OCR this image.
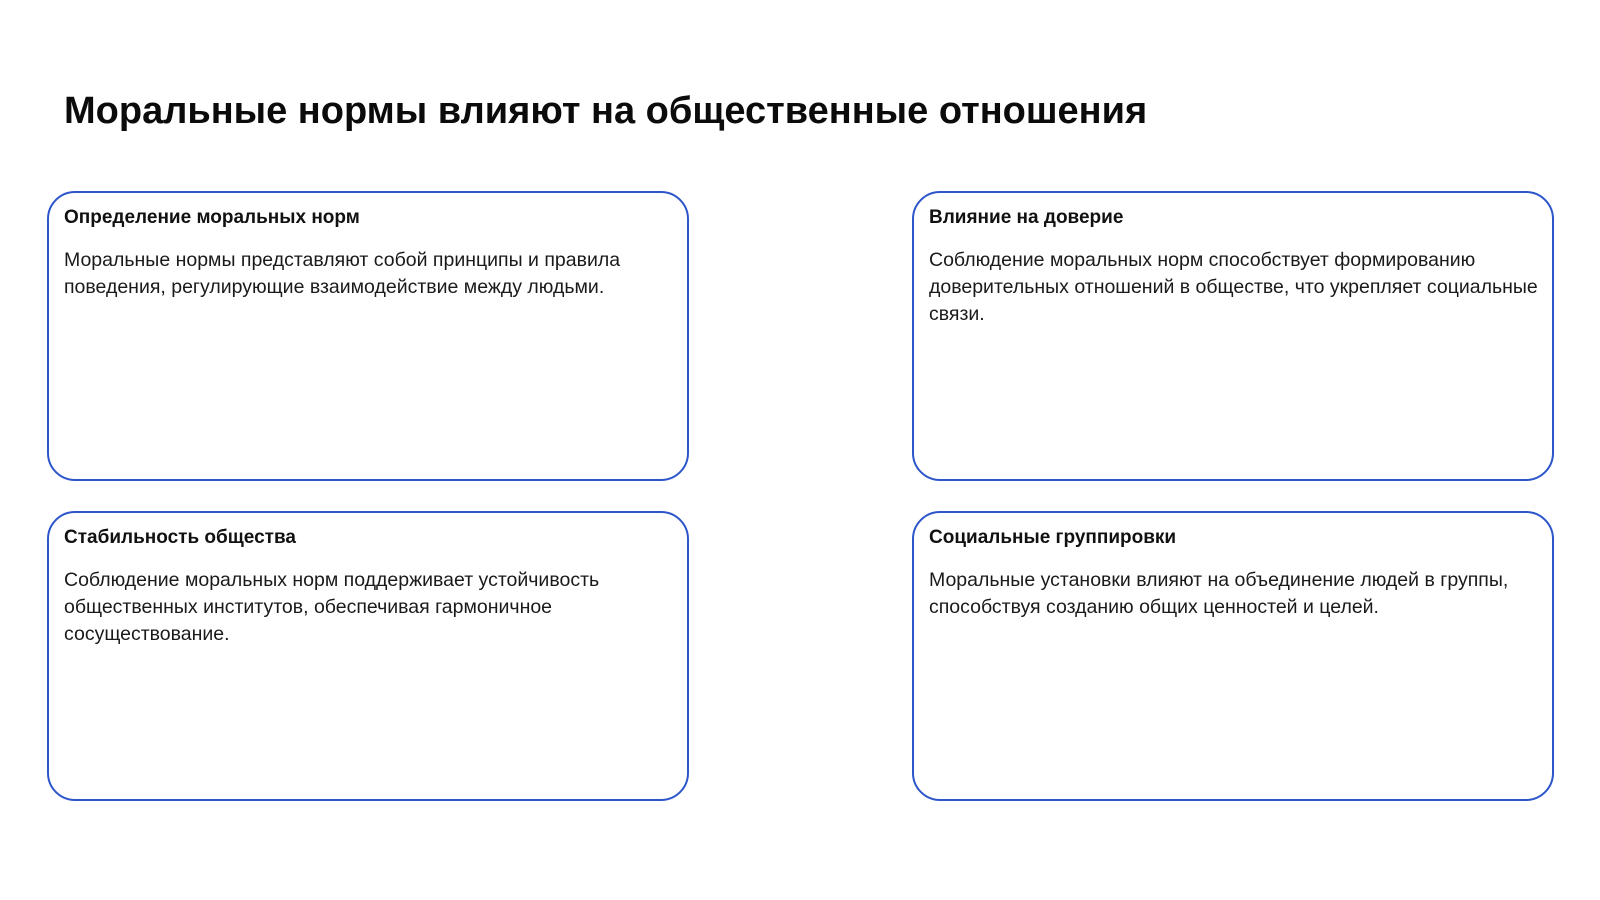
Моральные нормы влияют на общественные отношения
Определение моральных норм
Моральные нормы представляют собой принципы и правила поведения, регулирующие взаимодействие между людьми.
Влияние на доверие
Соблюдение моральных норм способствует формированию доверительных отношений в обществе, что укрепляет социальные связи.
Стабильность общества
Соблюдение моральных норм поддерживает устойчивость общественных институтов, обеспечивая гармоничное сосуществование.
Социальные группировки
Моральные установки влияют на объединение людей в группы, способствуя созданию общих ценностей и целей.
